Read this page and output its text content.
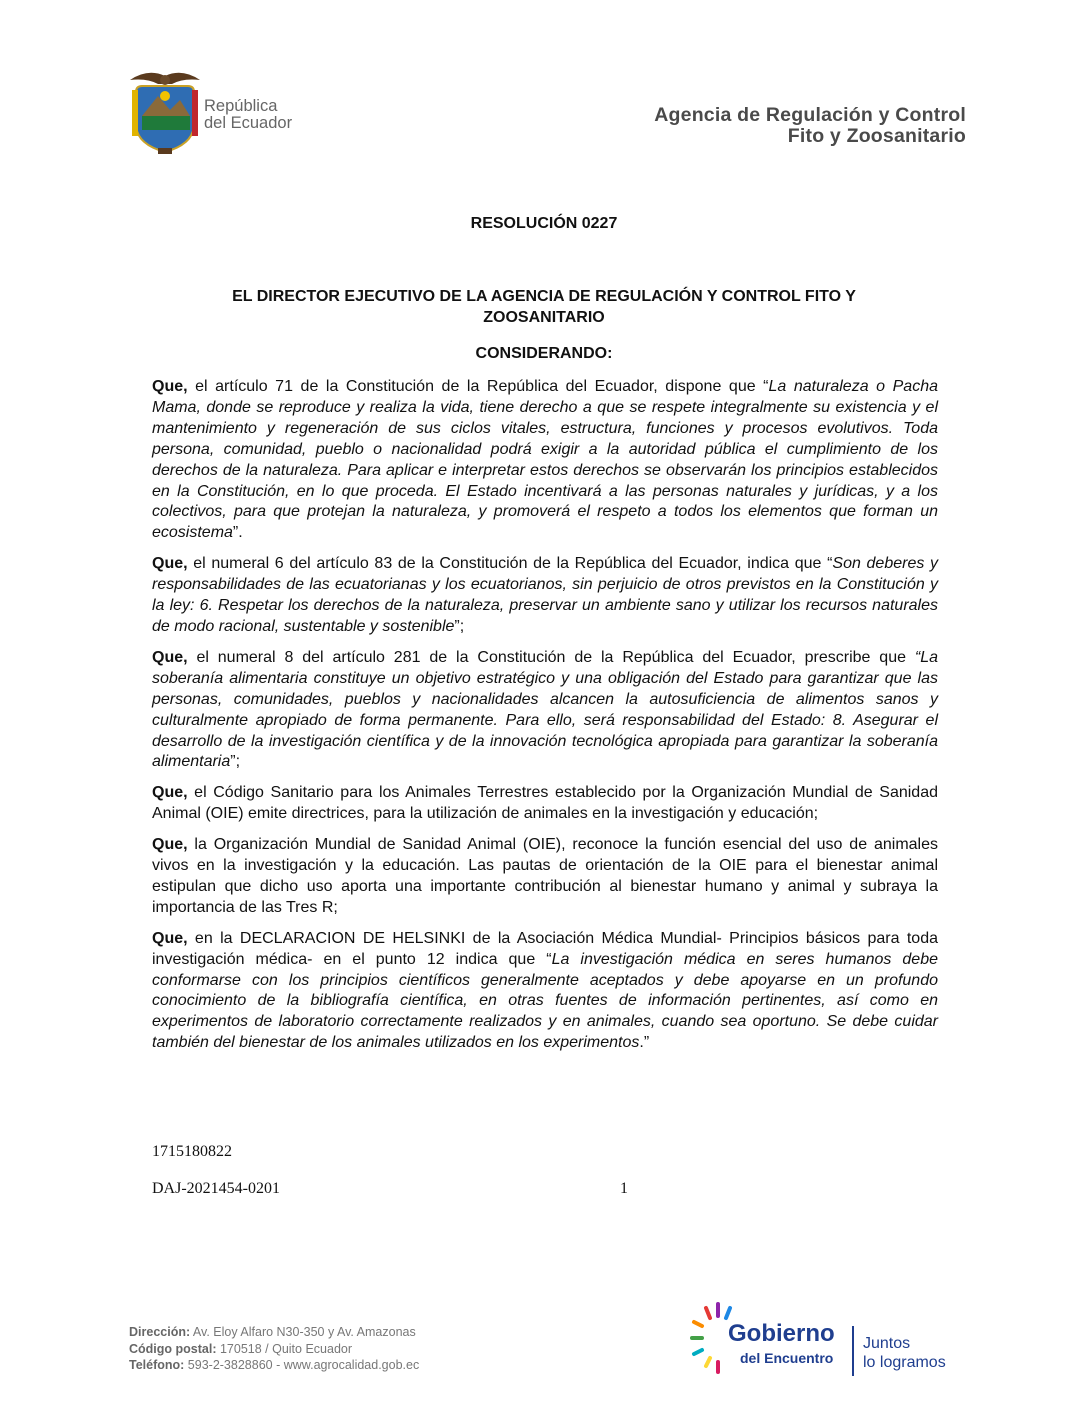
República
del Ecuador	Agencia de Regulación y Control
Fito y Zoosanitario
RESOLUCIÓN 0227
EL DIRECTOR EJECUTIVO DE LA AGENCIA DE REGULACIÓN Y CONTROL FITO Y
ZOOSANITARIO
CONSIDERANDO:

Que, el artículo 71 de la Constitución de la República del Ecuador, dispone que “La naturaleza o Pacha Mama, donde se reproduce y realiza la vida, tiene derecho a que se respete integralmente su existencia y el mantenimiento y regeneración de sus ciclos vitales, estructura, funciones y procesos evolutivos. Toda persona, comunidad, pueblo o nacionalidad podrá exigir a la autoridad pública el cumplimiento de los derechos de la naturaleza. Para aplicar e interpretar estos derechos se observarán los principios establecidos en la Constitución, en lo que proceda. El Estado incentivará a las personas naturales y jurídicas, y a los colectivos, para que protejan la naturaleza, y promoverá el respeto a todos los elementos que forman un ecosistema”.

Que, el numeral 6 del artículo 83 de la Constitución de la República del Ecuador, indica que “Son deberes y responsabilidades de las ecuatorianas y los ecuatorianos, sin perjuicio de otros previstos en la Constitución y la ley: 6. Respetar los derechos de la naturaleza, preservar un ambiente sano y utilizar los recursos naturales de modo racional, sustentable y sostenible”;

Que, el numeral 8 del artículo 281 de la Constitución de la República del Ecuador, prescribe que “La soberanía alimentaria constituye un objetivo estratégico y una obligación del Estado para garantizar que las personas, comunidades, pueblos y nacionalidades alcancen la autosuficiencia de alimentos sanos y culturalmente apropiado de forma permanente. Para ello, será responsabilidad del Estado: 8. Asegurar el desarrollo de la investigación científica y de la innovación tecnológica apropiada para garantizar la soberanía alimentaria”;

Que, el Código Sanitario para los Animales Terrestres establecido por la Organización Mundial de Sanidad Animal (OIE) emite directrices, para la utilización de animales en la investigación y educación;

Que, la Organización Mundial de Sanidad Animal (OIE), reconoce la función esencial del uso de animales vivos en la investigación y la educación. Las pautas de orientación de la OIE para el bienestar animal estipulan que dicho uso aporta una importante contribución al bienestar humano y animal y subraya la importancia de las Tres R;

Que, en la DECLARACION DE HELSINKI de la Asociación Médica Mundial- Principios básicos para toda investigación médica- en el punto 12 indica que “La investigación médica en seres humanos debe conformarse con los principios científicos generalmente aceptados y debe apoyarse en un profundo conocimiento de la bibliografía científica, en otras fuentes de información pertinentes, así como en experimentos de laboratorio correctamente realizados y en animales, cuando sea oportuno. Se debe cuidar también del bienestar de los animales utilizados en los experimentos.”

1715180822
DAJ-2021454-0201	1
Dirección: Av. Eloy Alfaro N30-350 y Av. Amazonas
Código postal: 170518 / Quito Ecuador
Teléfono: 593-2-3828860 - www.agrocalidad.gob.ec
Gobierno
del Encuentro
Juntos
lo logramos
